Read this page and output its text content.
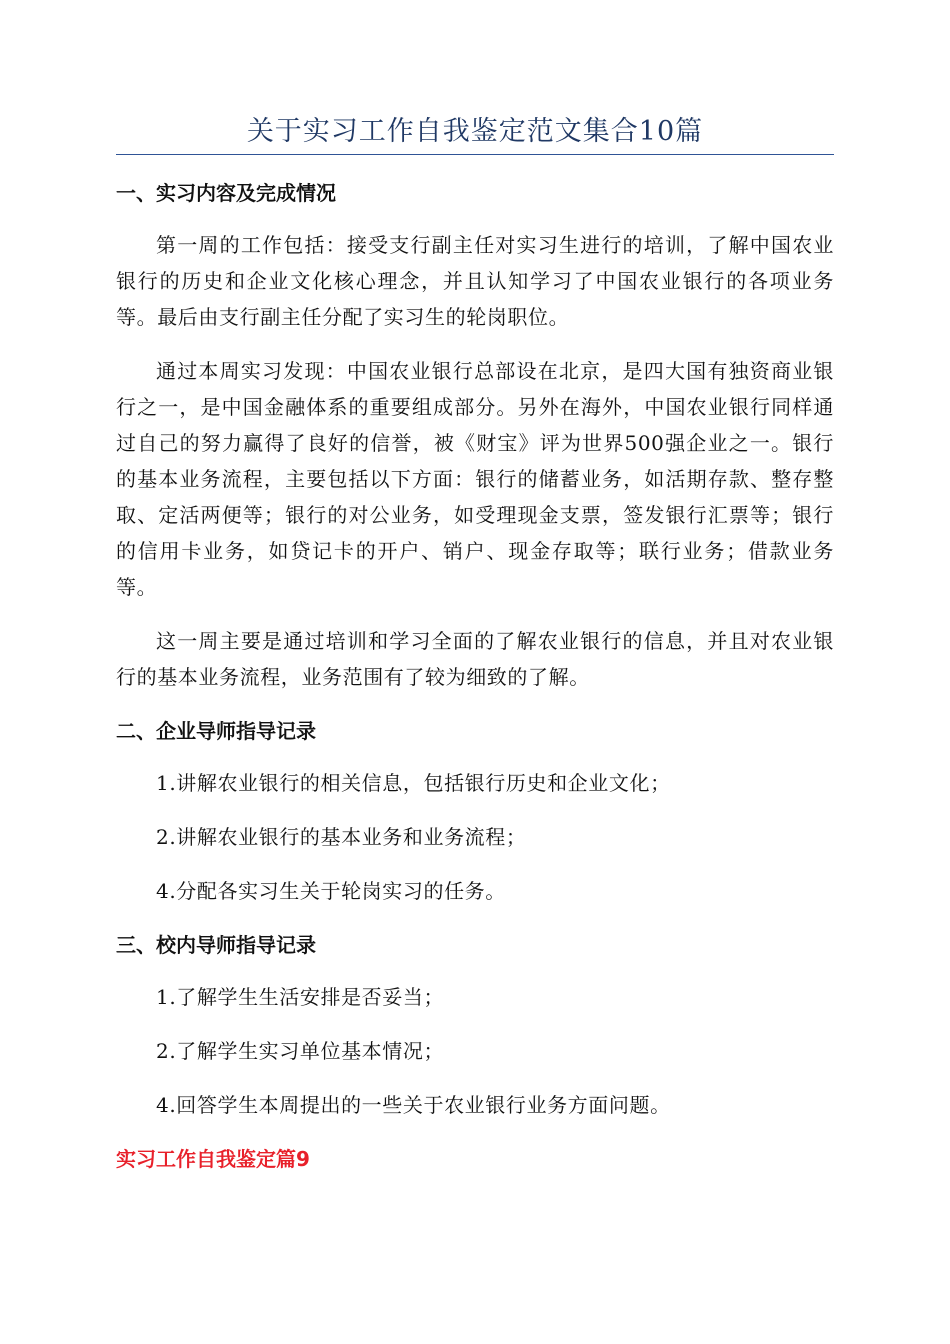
关于实习工作自我鉴定范文集合10篇
一、实习内容及完成情况
第一周的工作包括：接受支行副主任对实习生进行的培训，了解中国农业银行的历史和企业文化核心理念，并且认知学习了中国农业银行的各项业务等。最后由支行副主任分配了实习生的轮岗职位。
通过本周实习发现：中国农业银行总部设在北京，是四大国有独资商业银行之一，是中国金融体系的重要组成部分。另外在海外，中国农业银行同样通过自己的努力赢得了良好的信誉，被《财宝》评为世界500强企业之一。银行的基本业务流程，主要包括以下方面：银行的储蓄业务，如活期存款、整存整取、定活两便等；银行的对公业务，如受理现金支票，签发银行汇票等；银行的信用卡业务，如贷记卡的开户、销户、现金存取等；联行业务；借款业务等。
这一周主要是通过培训和学习全面的了解农业银行的信息，并且对农业银行的基本业务流程，业务范围有了较为细致的了解。
二、企业导师指导记录
1.讲解农业银行的相关信息，包括银行历史和企业文化；
2.讲解农业银行的基本业务和业务流程；
4.分配各实习生关于轮岗实习的任务。
三、校内导师指导记录
1.了解学生生活安排是否妥当；
2.了解学生实习单位基本情况；
4.回答学生本周提出的一些关于农业银行业务方面问题。
实习工作自我鉴定篇9
